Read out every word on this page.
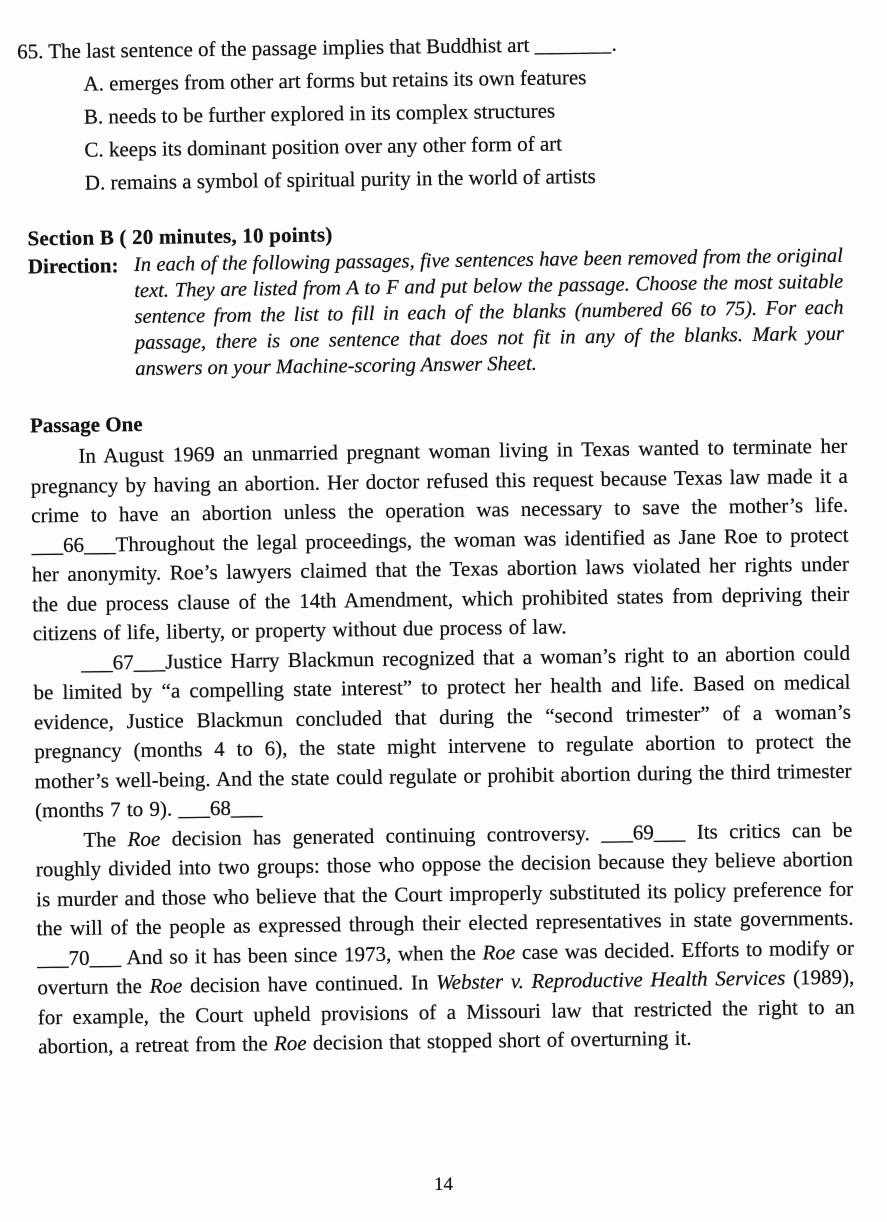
65. The last sentence of the passage implies that Buddhist art _______.
A. emerges from other art forms but retains its own features
B. needs to be further explored in its complex structures
C. keeps its dominant position over any other form of art
D. remains a symbol of spiritual purity in the world of artists
Section B ( 20 minutes, 10 points)
Direction: In each of the following passages, five sentences have been removed from the original text. They are listed from A to F and put below the passage. Choose the most suitable sentence from the list to fill in each of the blanks (numbered 66 to 75). For each passage, there is one sentence that does not fit in any of the blanks. Mark your answers on your Machine-scoring Answer Sheet.
Passage One

In August 1969 an unmarried pregnant woman living in Texas wanted to terminate her pregnancy by having an abortion. Her doctor refused this request because Texas law made it a crime to have an abortion unless the operation was necessary to save the mother’s life. ___66___Throughout the legal proceedings, the woman was identified as Jane Roe to protect her anonymity. Roe’s lawyers claimed that the Texas abortion laws violated her rights under the due process clause of the 14th Amendment, which prohibited states from depriving their citizens of life, liberty, or property without due process of law.

___67___Justice Harry Blackmun recognized that a woman’s right to an abortion could be limited by “a compelling state interest” to protect her health and life. Based on medical evidence, Justice Blackmun concluded that during the “second trimester” of a woman’s pregnancy (months 4 to 6), the state might intervene to regulate abortion to protect the mother’s well-being. And the state could regulate or prohibit abortion during the third trimester (months 7 to 9). ___68___

The Roe decision has generated continuing controversy. ___69___ Its critics can be roughly divided into two groups: those who oppose the decision because they believe abortion is murder and those who believe that the Court improperly substituted its policy preference for the will of the people as expressed through their elected representatives in state governments. ___70___ And so it has been since 1973, when the Roe case was decided. Efforts to modify or overturn the Roe decision have continued. In Webster v. Reproductive Health Services (1989), for example, the Court upheld provisions of a Missouri law that restricted the right to an abortion, a retreat from the Roe decision that stopped short of overturning it.

14
